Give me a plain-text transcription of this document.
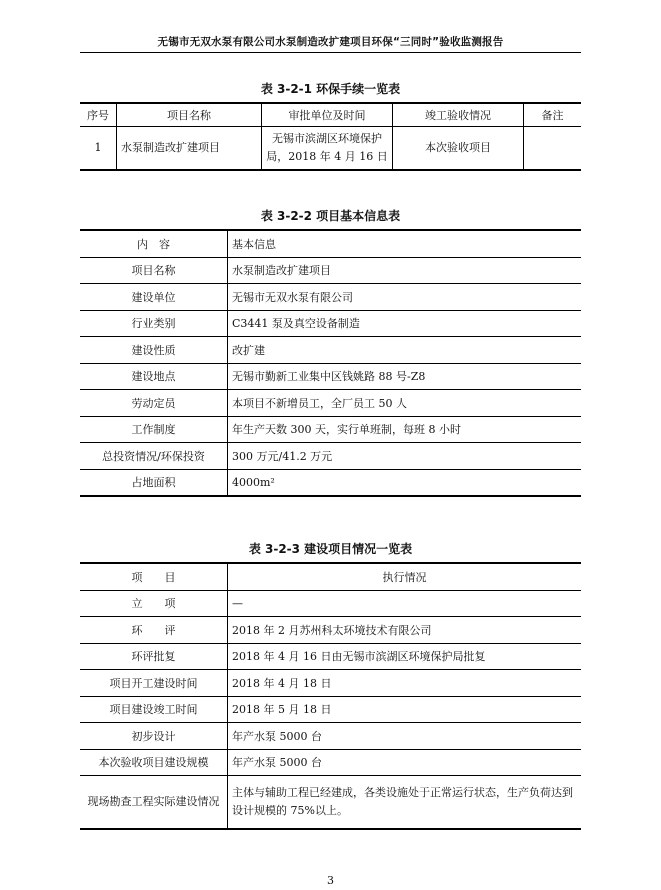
无锡市无双水泵有限公司水泵制造改扩建项目环保“三同时”验收监测报告
表 3-2-1 环保手续一览表
序号	项目名称	审批单位及时间	竣工验收情况	备注
1	水泵制造改扩建项目	无锡市滨湖区环境保护局，2018 年 4 月 16 日	本次验收项目	
表 3-2-2 项目基本信息表
内　容	基本信息
项目名称	水泵制造改扩建项目
建设单位	无锡市无双水泵有限公司
行业类别	C3441 泵及真空设备制造
建设性质	改扩建
建设地点	无锡市勤新工业集中区钱姚路 88 号-Z8
劳动定员	本项目不新增员工，全厂员工 50 人
工作制度	年生产天数 300 天，实行单班制，每班 8 小时
总投资情况/环保投资	300 万元/41.2 万元
占地面积	4000m²
表 3-2-3 建设项目情况一览表
项　　目	执行情况
立　　项	—
环　　评	2018 年 2 月苏州科太环境技术有限公司
环评批复	2018 年 4 月 16 日由无锡市滨湖区环境保护局批复
项目开工建设时间	2018 年 4 月 18 日
项目建设竣工时间	2018 年 5 月 18 日
初步设计	年产水泵 5000 台
本次验收项目建设规模	年产水泵 5000 台
现场勘查工程实际建设情况	主体与辅助工程已经建成，各类设施处于正常运行状态，生产负荷达到设计规模的 75%以上。
3
